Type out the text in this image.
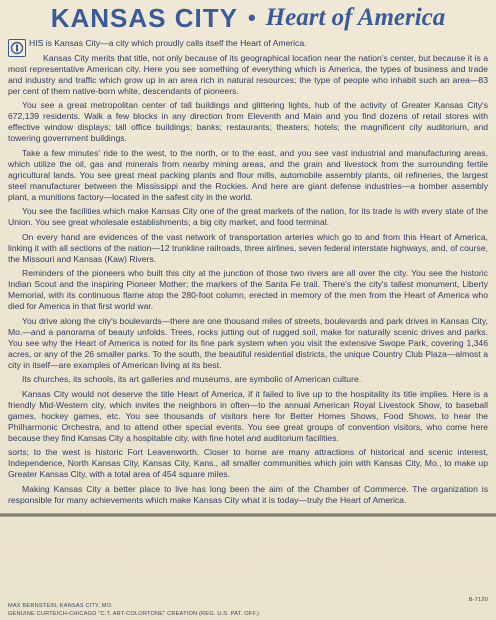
KANSAS CITY • Heart of America

HIS is Kansas City—a city which proudly calls itself the Heart of America.

Kansas City merits that title, not only because of its geographical location near the nation's center, but because it is a most representative American city. Here you see something of everything which is America, the types of business and trade and industry and traffic which grow up in an area rich in natural resources; the type of people who inhabit such an area—83 per cent of them native-born white, descendants of pioneers.

You see a great metropolitan center of tall buildings and glittering lights, hub of the activity of Greater Kansas City's 672,139 residents. Walk a few blocks in any direction from Eleventh and Main and you find dozens of retail stores with effective window displays; tall office buildings; banks; restaurants; theaters; hotels; the magnificent city auditorium, and towering government buildings.

Take a few minutes' ride to the west, to the north, or to the east, and you see vast industrial and manufacturing areas, which utilize the oil, gas and minerals from nearby mining areas, and the grain and livestock from the surrounding fertile agricultural lands. You see great meat packing plants and flour mills, automobile assembly plants, oil refineries, the largest steel manufacturer between the Mississippi and the Rockies. And here are giant defense industries—a bomber assembly plant, a munitions factory—located in the safest city in the world.

You see the facilities which make Kansas City one of the great markets of the nation, for its trade is with every state of the Union. You see great wholesale establishments; a big city market, and food terminal.

On every hand are evidences of the vast network of transportation arteries which go to and from this Heart of America, linking it with all sections of the nation—12 trunkline railroads, three airlines, seven federal interstate highways, and, of course, the Missouri and Kansas (Kaw) Rivers.

Reminders of the pioneers who built this city at the junction of those two rivers are all over the city. You see the historic Indian Scout and the inspiring Pioneer Mother; the markers of the Santa Fe trail. There's the city's tallest monument, Liberty Memorial, with its continuous flame atop the 280-foot column, erected in memory of the men from the Heart of America who died for America in that first world war.

You drive along the city's boulevards—there are one thousand miles of streets, boulevards and park drives in Kansas City, Mo.—and a panorama of beauty unfolds. Trees, rocks jutting out of rugged soil, make for naturally scenic drives and parks. You see why the Heart of America is noted for its fine park system when you visit the extensive Swope Park, covering 1,346 acres, or any of the 26 smaller parks. To the south, the beautiful residential districts, the unique Country Club Plaza—almost a city in itself—are examples of American living at its best.

Its churches, its schools, its art galleries and museums, are symbolic of American culture.

Kansas City would not deserve the title Heart of America, if it failed to live up to the hospitality its title implies. Here is a friendly Mid-Western city, which invites the neighbors in often—to the annual American Royal Livestock Show, to baseball games, hockey games, etc. You see thousands of visitors here for Better Homes Shows, Food Shows, to hear the Philharmonic Orchestra, and to attend other special events. You see great groups of convention visitors, who come here because they find Kansas City a hospitable city, with fine hotel and auditorium facilities.

sorts; to the west is historic Fort Leavenworth. Closer to home are many attractions of historical and scenic interest, Independence, North Kansas City, Kansas City, Kans., all smaller communities which join with Kansas City, Mo., to make up Greater Kansas City, with a total area of 454 square miles.

Making Kansas City a better place to live has long been the aim of the Chamber of Commerce. The organization is responsible for many achievements which make Kansas City what it is today—truly the Heart of America.

MAX BERNSTEIN, KANSAS CITY, MO.
GENUINE CURTEICH-CHICAGO "C.T. ART-COLORTONE" CREATION (REG. U.S. PAT. OFF.)
B-7120
